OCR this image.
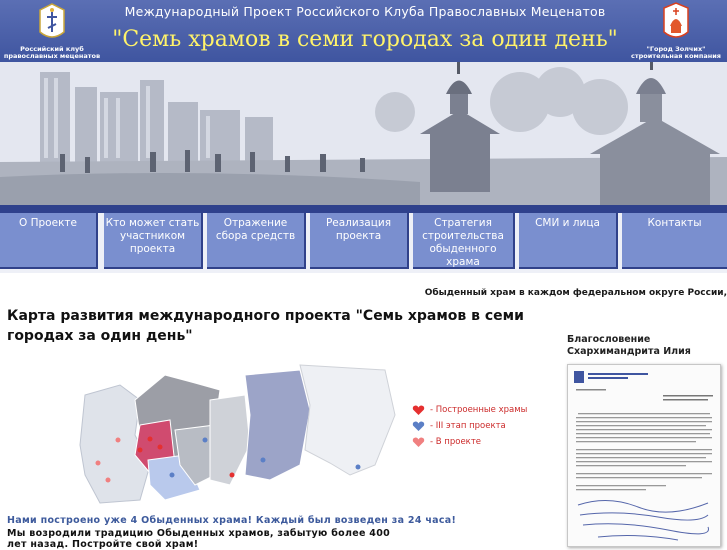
Российский клуб православных меценатов
Международный Проект Российского Клуба Православных Меценатов
"Семь храмов в семи городах за один день"	"Город Золчих" строительная компания
О Проекте	Кто может стать участником проекта
Отражение сбора средств
Реализация проекта
Стратегия строительства обыденного храма
СМИ и лица	Контакты
Обыденный храм в каждом федеральном округе России,
Карта развития международного проекта "Семь храмов в семи городах за один день"
- Построенные храмы
- III этап проекта
- В проекте
Нами построено уже 4 Обыденных храма! Каждый был возведен за 24 часа!
Мы возродили традицию Обыденных храмов, забытую более 400 лет назад. Постройте свой храм!
Благословение Схархимандрита Илия
